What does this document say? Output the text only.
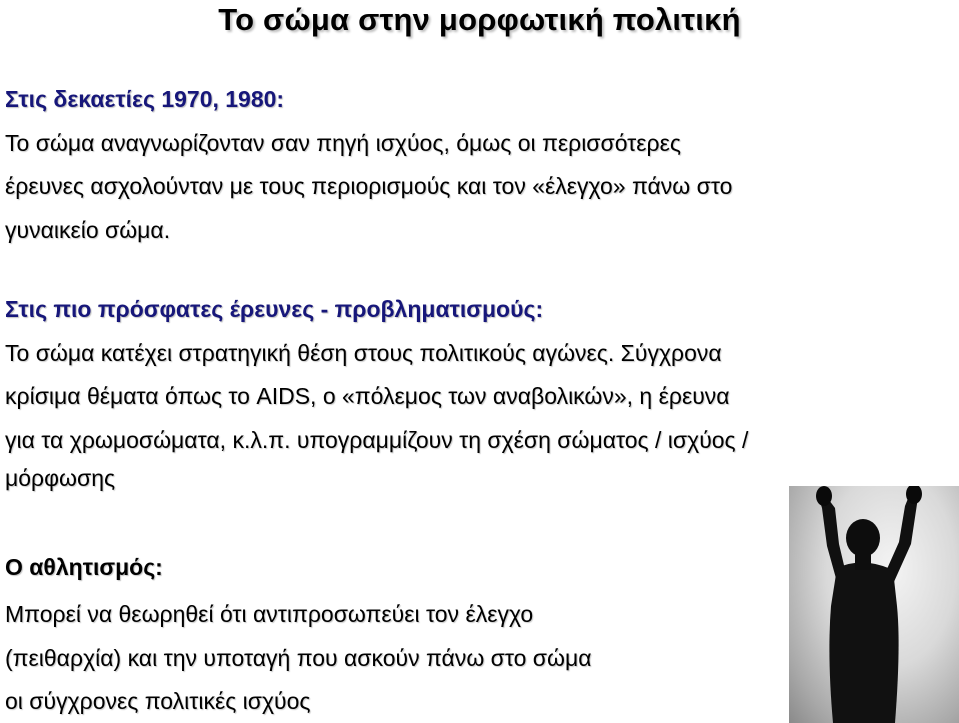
Το σώμα στην μορφωτική πολιτική
Στις δεκαετίες 1970, 1980:
Το σώμα αναγνωρίζονταν σαν πηγή ισχύος, όμως οι περισσότερες
έρευνες ασχολούνταν με τους περιορισμούς και τον «έλεγχο» πάνω στο
γυναικείο σώμα.
Στις πιο πρόσφατες έρευνες - προβληματισμούς:
Το σώμα κατέχει στρατηγική θέση στους πολιτικούς αγώνες. Σύγχρονα
κρίσιμα θέματα όπως το AIDS, ο «πόλεμος των αναβολικών», η έρευνα
για τα χρωμοσώματα, κ.λ.π. υπογραμμίζουν τη σχέση σώματος / ισχύος /
μόρφωσης
Ο αθλητισμός:
Μπορεί να θεωρηθεί ότι αντιπροσωπεύει τον έλεγχο
(πειθαρχία) και την υποταγή που ασκούν πάνω στο σώμα
οι σύγχρονες πολιτικές ισχύος
